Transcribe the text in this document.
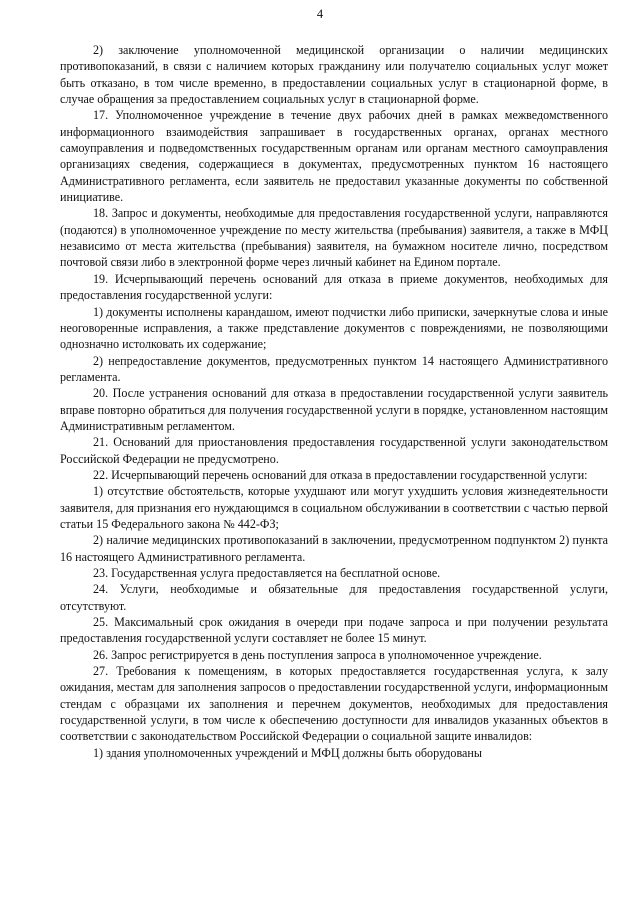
4

2) заключение уполномоченной медицинской организации о наличии медицинских противопоказаний, в связи с наличием которых гражданину или получателю социальных услуг может быть отказано, в том числе временно, в предоставлении социальных услуг в стационарной форме, в случае обращения за предоставлением социальных услуг в стационарной форме.

17. Уполномоченное учреждение в течение двух рабочих дней в рамках межведомственного информационного взаимодействия запрашивает в государственных органах, органах местного самоуправления и подведомственных государственным органам или органам местного самоуправления организациях сведения, содержащиеся в документах, предусмотренных пунктом 16 настоящего Административного регламента, если заявитель не предоставил указанные документы по собственной инициативе.

18. Запрос и документы, необходимые для предоставления государственной услуги, направляются (подаются) в уполномоченное учреждение по месту жительства (пребывания) заявителя, а также в МФЦ независимо от места жительства (пребывания) заявителя, на бумажном носителе лично, посредством почтовой связи либо в электронной форме через личный кабинет на Едином портале.

19. Исчерпывающий перечень оснований для отказа в приеме документов, необходимых для предоставления государственной услуги:

1) документы исполнены карандашом, имеют подчистки либо приписки, зачеркнутые слова и иные неоговоренные исправления, а также представление документов с повреждениями, не позволяющими однозначно истолковать их содержание;

2) непредоставление документов, предусмотренных пунктом 14 настоящего Административного регламента.

20. После устранения оснований для отказа в предоставлении государственной услуги заявитель вправе повторно обратиться для получения государственной услуги в порядке, установленном настоящим Административным регламентом.

21. Оснований для приостановления предоставления государственной услуги законодательством Российской Федерации не предусмотрено.

22. Исчерпывающий перечень оснований для отказа в предоставлении государственной услуги:

1) отсутствие обстоятельств, которые ухудшают или могут ухудшить условия жизнедеятельности заявителя, для признания его нуждающимся в социальном обслуживании в соответствии с частью первой статьи 15 Федерального закона № 442-ФЗ;

2) наличие медицинских противопоказаний в заключении, предусмотренном подпунктом 2) пункта 16 настоящего Административного регламента.

23. Государственная услуга предоставляется на бесплатной основе.

24. Услуги, необходимые и обязательные для предоставления государственной услуги, отсутствуют.

25. Максимальный срок ожидания в очереди при подаче запроса и при получении результата предоставления государственной услуги составляет не более 15 минут.

26. Запрос регистрируется в день поступления запроса в уполномоченное учреждение.

27. Требования к помещениям, в которых предоставляется государственная услуга, к залу ожидания, местам для заполнения запросов о предоставлении государственной услуги, информационным стендам с образцами их заполнения и перечнем документов, необходимых для предоставления государственной услуги, в том числе к обеспечению доступности для инвалидов указанных объектов в соответствии с законодательством Российской Федерации о социальной защите инвалидов:

1) здания уполномоченных учреждений и МФЦ должны быть оборудованы
